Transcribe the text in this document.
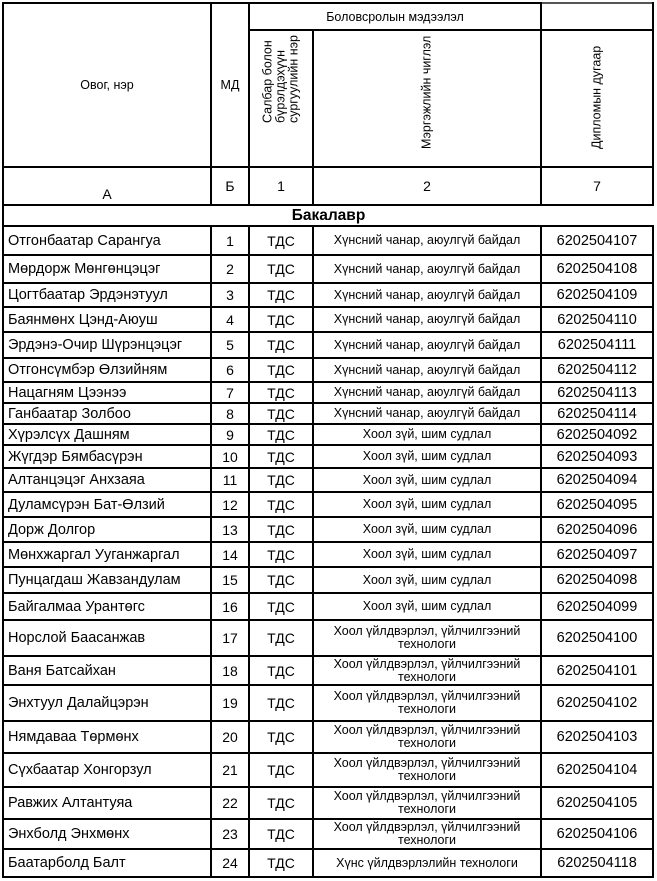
Овог, нэр	МД	Боловсролын мэдээлэл		

		Салбар болон бүрэлдэхүүн сургуулийн нэр	Мэргэжлийн чиглэл	Дипломын дугаар

А	Б	1	2	7
Бакалавр				
Отгонбаатар Сарангуа	1	ТДС	Хүнсний чанар, аюулгүй байдал	6202504107
Мөрдорж Мөнгөнцэцэг	2	ТДС	Хүнсний чанар, аюулгүй байдал	6202504108
Цогтбаатар Эрдэнэтуул	3	ТДС	Хүнсний чанар, аюулгүй байдал	6202504109
Баянмөнх Цэнд-Аюуш	4	ТДС	Хүнсний чанар, аюулгүй байдал	6202504110
Эрдэнэ-Очир Шүрэнцэцэг	5	ТДС	Хүнсний чанар, аюулгүй байдал	6202504111
Отгонсүмбэр Өлзийням	6	ТДС	Хүнсний чанар, аюулгүй байдал	6202504112
Нацагням Цээнээ	7	ТДС	Хүнсний чанар, аюулгүй байдал	6202504113
Ганбаатар Золбоо	8	ТДС	Хүнсний чанар, аюулгүй байдал	6202504114
Хүрэлсүх Дашням	9	ТДС	Хоол зүй, шим судлал	6202504092
Жүгдэр Бямбасүрэн	10	ТДС	Хоол зүй, шим судлал	6202504093
Алтанцэцэг Анхзаяа	11	ТДС	Хоол зүй, шим судлал	6202504094
Дуламсүрэн Бат-Өлзий	12	ТДС	Хоол зүй, шим судлал	6202504095
Дорж Долгор	13	ТДС	Хоол зүй, шим судлал	6202504096
Мөнхжаргал Ууганжаргал	14	ТДС	Хоол зүй, шим судлал	6202504097
Пунцагдаш Жавзандулам	15	ТДС	Хоол зүй, шим судлал	6202504098
Байгалмаа Урантөгс	16	ТДС	Хоол зүй, шим судлал	6202504099
Норслой Баасанжав	17	ТДС	Хоол үйлдвэрлэл, үйлчилгээний технологи	6202504100
Ваня Батсайхан	18	ТДС	Хоол үйлдвэрлэл, үйлчилгээний технологи	6202504101
Энхтуул Далайцэрэн	19	ТДС	Хоол үйлдвэрлэл, үйлчилгээний технологи	6202504102
Нямдаваа Төрмөнх	20	ТДС	Хоол үйлдвэрлэл, үйлчилгээний технологи	6202504103
Сүхбаатар Хонгорзул	21	ТДС	Хоол үйлдвэрлэл, үйлчилгээний технологи	6202504104
Равжих Алтантуяа	22	ТДС	Хоол үйлдвэрлэл, үйлчилгээний технологи	6202504105
Энхболд Энхмөнх	23	ТДС	Хоол үйлдвэрлэл, үйлчилгээний технологи	6202504106
Баатарболд Балт	24	ТДС	Хүнс үйлдвэрлэлийн технологи	6202504118
